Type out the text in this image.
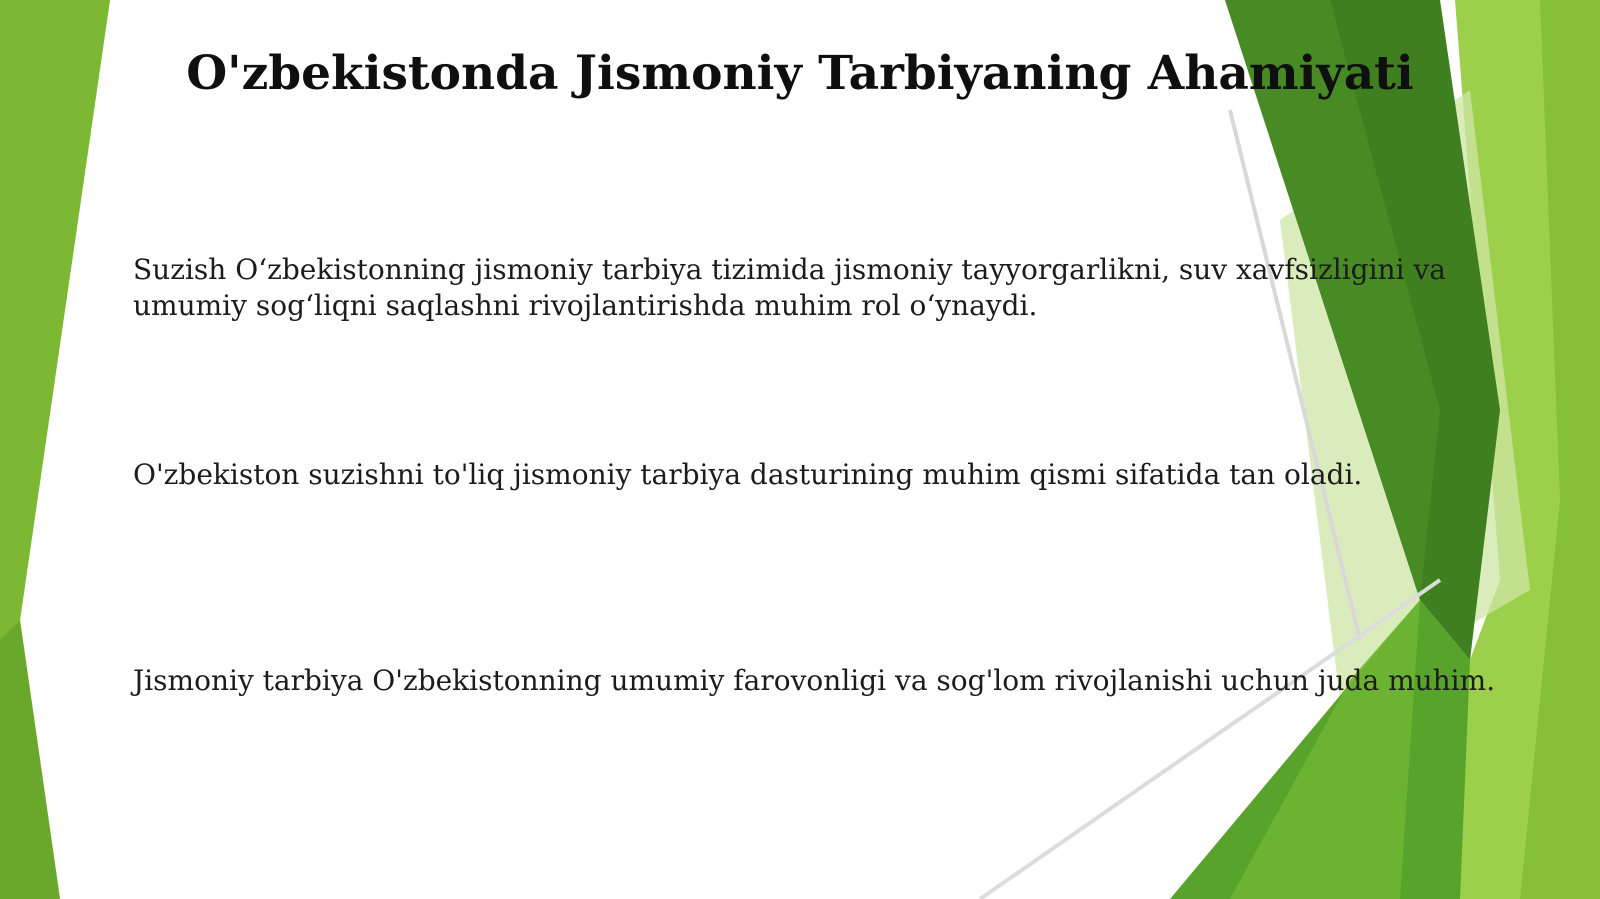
O'zbekistonda Jismoniy Tarbiyaning Ahamiyati

Suzish O‘zbekistonning jismoniy tarbiya tizimida jismoniy tayyorgarlikni, suv xavfsizligini va
umumiy sog‘liqni saqlashni rivojlantirishda muhim rol o‘ynaydi.

O'zbekiston suzishni to'liq jismoniy tarbiya dasturining muhim qismi sifatida tan oladi.

Jismoniy tarbiya O'zbekistonning umumiy farovonligi va sog'lom rivojlanishi uchun juda muhim.
